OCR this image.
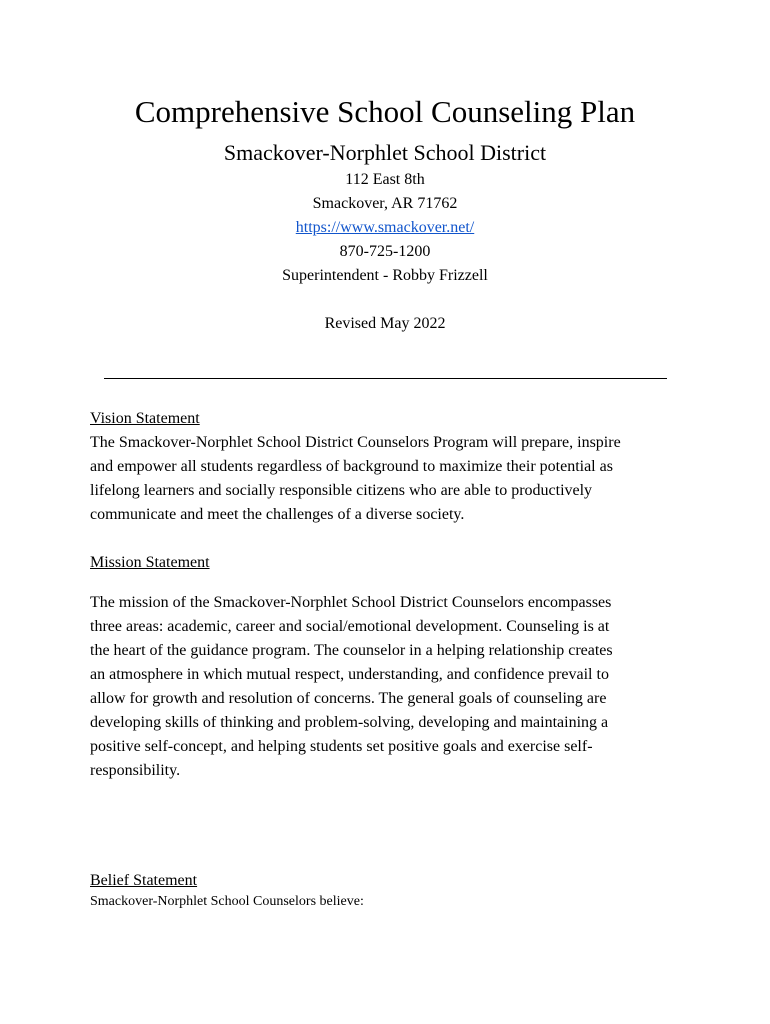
Comprehensive School Counseling Plan
Smackover-Norphlet School District
112 East 8th
Smackover, AR 71762
https://www.smackover.net/
870-725-1200
Superintendent - Robby Frizzell
Revised May 2022
Vision Statement
The Smackover-Norphlet School District Counselors Program will prepare, inspire
and empower all students regardless of background to maximize their potential as
lifelong learners and socially responsible citizens who are able to productively
communicate and meet the challenges of a diverse society.
Mission Statement
The mission of the Smackover-Norphlet School District Counselors encompasses
three areas: academic, career and social/emotional development. Counseling is at
the heart of the guidance program. The counselor in a helping relationship creates
an atmosphere in which mutual respect, understanding, and confidence prevail to
allow for growth and resolution of concerns. The general goals of counseling are
developing skills of thinking and problem-solving, developing and maintaining a
positive self-concept, and helping students set positive goals and exercise self-
responsibility.
Belief Statement
Smackover-Norphlet School Counselors believe:
